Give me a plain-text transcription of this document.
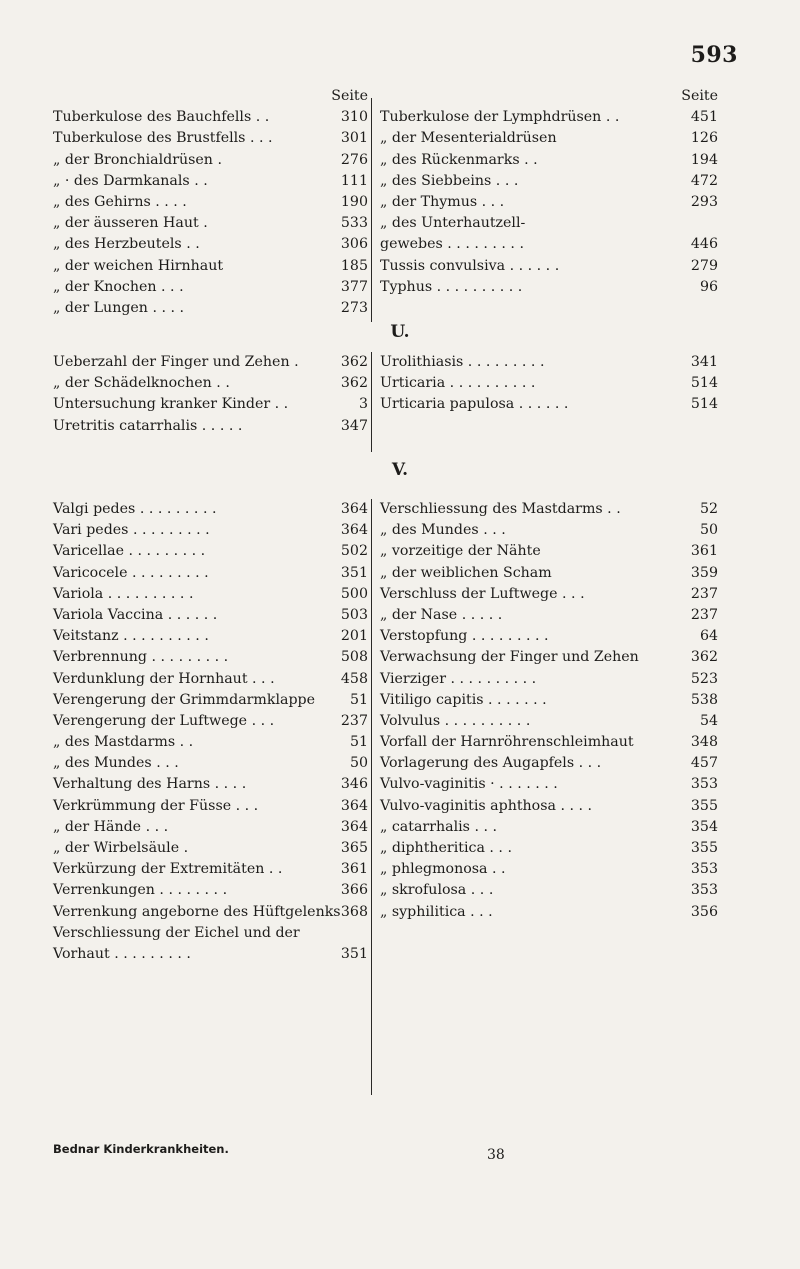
593
Seite
Tuberkulose des Bauchfells . .	310
Tuberkulose des Brustfells . . .	301
„ der Bronchialdrüsen .	276
„ · des Darmkanals . .	111
„ des Gehirns . . . .	190
„ der äusseren Haut .	533
„ des Herzbeutels . .	306
„ der weichen Hirnhaut	185
„ der Knochen . . .	377
„ der Lungen . . . .	273
Seite
Tuberkulose der Lymphdrüsen . .	451
„ der Mesenterialdrüsen	126
„ des Rückenmarks . .	194
„ des Siebbeins . . .	472
„ der Thymus . . .	293
„ des Unterhautzell-
gewebes . . . . . . . . .	446
Tussis convulsiva . . . . . .	279
Typhus . . . . . . . . . .	96
U.
Ueberzahl der Finger und Zehen .	362
„ der Schädelknochen . .	362
Untersuchung kranker Kinder . .	3
Uretritis catarrhalis . . . . .	347
Urolithiasis . . . . . . . . .	341
Urticaria . . . . . . . . . .	514
Urticaria papulosa . . . . . .	514
V.
Valgi pedes . . . . . . . . .	364
Vari pedes . . . . . . . . .	364
Varicellae . . . . . . . . .	502
Varicocele . . . . . . . . .	351
Variola . . . . . . . . . .	500
Variola Vaccina . . . . . .	503
Veitstanz . . . . . . . . . .	201
Verbrennung . . . . . . . . .	508
Verdunklung der Hornhaut . . .	458
Verengerung der Grimmdarmklappe 51
Verengerung der Luftwege . . .	237
„ des Mastdarms . .	51
„ des Mundes . . .	50
Verhaltung des Harns . . . .	346
Verkrümmung der Füsse . . .	364
„ der Hände . . .	364
„ der Wirbelsäule .	365
Verkürzung der Extremitäten . .	361
Verrenkungen . . . . . . . .	366
Verrenkung angeborne des Hüftgelenks 368
Verschliessung der Eichel und der
Vorhaut . . . . . . . . .	351
Verschliessung des Mastdarms . .	52
„ des Mundes . . .	50
„ vorzeitige der Nähte	361
„ der weiblichen Scham	359
Verschluss der Luftwege . . .	237
„ der Nase . . . . .	237
Verstopfung . . . . . . . . .	64
Verwachsung der Finger und Zehen	362
Vierziger . . . . . . . . . .	523
Vitiligo capitis . . . . . . .	538
Volvulus . . . . . . . . . .	54
Vorfall der Harnröhrenschleimhaut	348
Vorlagerung des Augapfels . . .	457
Vulvo-vaginitis · . . . . . . .	353
Vulvo-vaginitis aphthosa . . . .	355
„ catarrhalis . . .	354
„ diphtheritica . . .	355
„ phlegmonosa . .	353
„ skrofulosa . . .	353
„ syphilitica . . .	356
Bednar Kinderkrankheiten.	38
